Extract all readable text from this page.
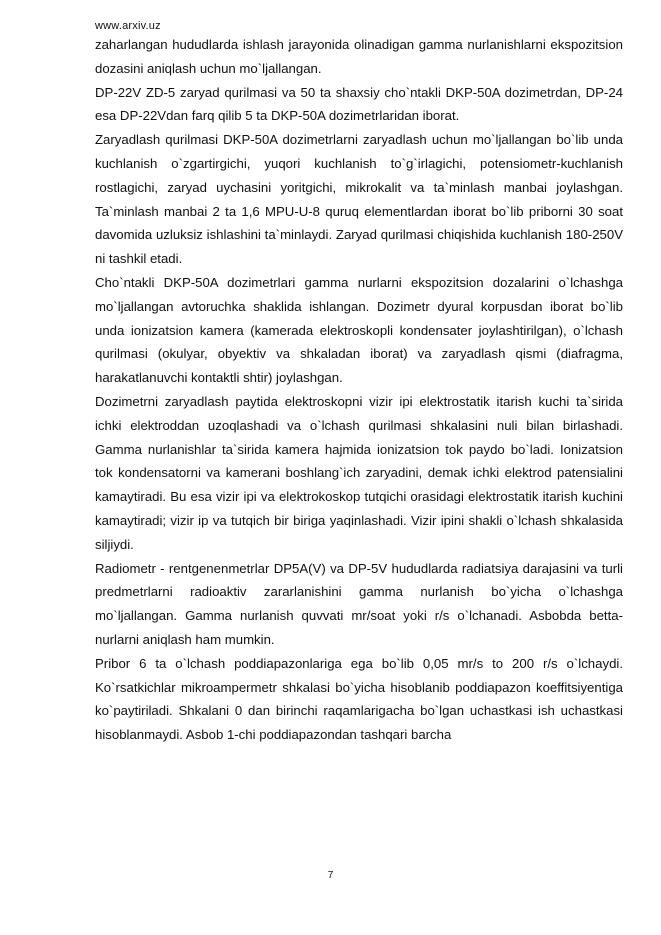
www.arxiv.uz

zaharlangan hududlarda ishlash jarayonida olinadigan gamma nurlanishlarni ekspozitsion dozasini aniqlash uchun mo`ljallangan.

DP-22V ZD-5 zaryad qurilmasi va 50 ta shaxsiy cho`ntakli DKP-50A dozimetrdan, DP-24 esa DP-22Vdan farq qilib 5 ta DKP-50A dozimetrlaridan iborat.

Zaryadlash qurilmasi DKP-50A dozimetrlarni zaryadlash uchun mo`ljallangan bo`lib unda kuchlanish o`zgartirgichi, yuqori kuchlanish to`g`irlagichi, potensiometr-kuchlanish rostlagichi, zaryad uychasini yoritgichi, mikrokalit va ta`minlash manbai joylashgan. Ta`minlash manbai 2 ta 1,6 MPU-U-8 quruq elementlardan iborat bo`lib priborni 30 soat davomida uzluksiz ishlashini ta`minlaydi. Zaryad qurilmasi chiqishida kuchlanish 180-250V ni tashkil etadi.

Cho`ntakli DKP-50A dozimetrlari gamma nurlarni ekspozitsion dozalarini o`lchashga mo`ljallangan avtoruchka shaklida ishlangan. Dozimetr dyural korpusdan iborat bo`lib unda ionizatsion kamera (kamerada elektroskopli kondensater joylashtirilgan), o`lchash qurilmasi (okulyar, obyektiv va shkaladan iborat) va zaryadlash qismi (diafragma, harakatlanuvchi kontaktli shtir) joylashgan.

Dozimetrni zaryadlash paytida elektroskopni vizir ipi elektrostatik itarish kuchi ta`sirida ichki elektroddan uzoqlashadi va o`lchash qurilmasi shkalasini nuli bilan birlashadi. Gamma nurlanishlar ta`sirida kamera hajmida ionizatsion tok paydo bo`ladi. Ionizatsion tok kondensatorni va kamerani boshlang`ich zaryadini, demak ichki elektrod patensialini kamaytiradi. Bu esa vizir ipi va elektrokoskop tutqichi orasidagi elektrostatik itarish kuchini kamaytiradi; vizir ip va tutqich bir biriga yaqinlashadi. Vizir ipini shakli o`lchash shkalasida siljiydi.

Radiometr - rentgenenmetrlar DP5A(V) va DP-5V hududlarda radiatsiya darajasini va turli predmetrlarni radioaktiv zararlanishini gamma nurlanish bo`yicha o`lchashga mo`ljallangan. Gamma nurlanish quvvati mr/soat yoki r/s o`lchanadi. Asbobda betta-nurlarni aniqlash ham mumkin.

Pribor 6 ta o`lchash poddiapazonlariga ega bo`lib 0,05 mr/s to 200 r/s o`lchaydi. Ko`rsatkichlar mikroampermetr shkalasi bo`yicha hisoblanib poddiapazon koeffitsiyentiga ko`paytiriladi. Shkalani 0 dan birinchi raqamlarigacha bo`lgan uchastkasi ish uchastkasi hisoblanmaydi. Asbob 1-chi poddiapazondan tashqari barcha

7
